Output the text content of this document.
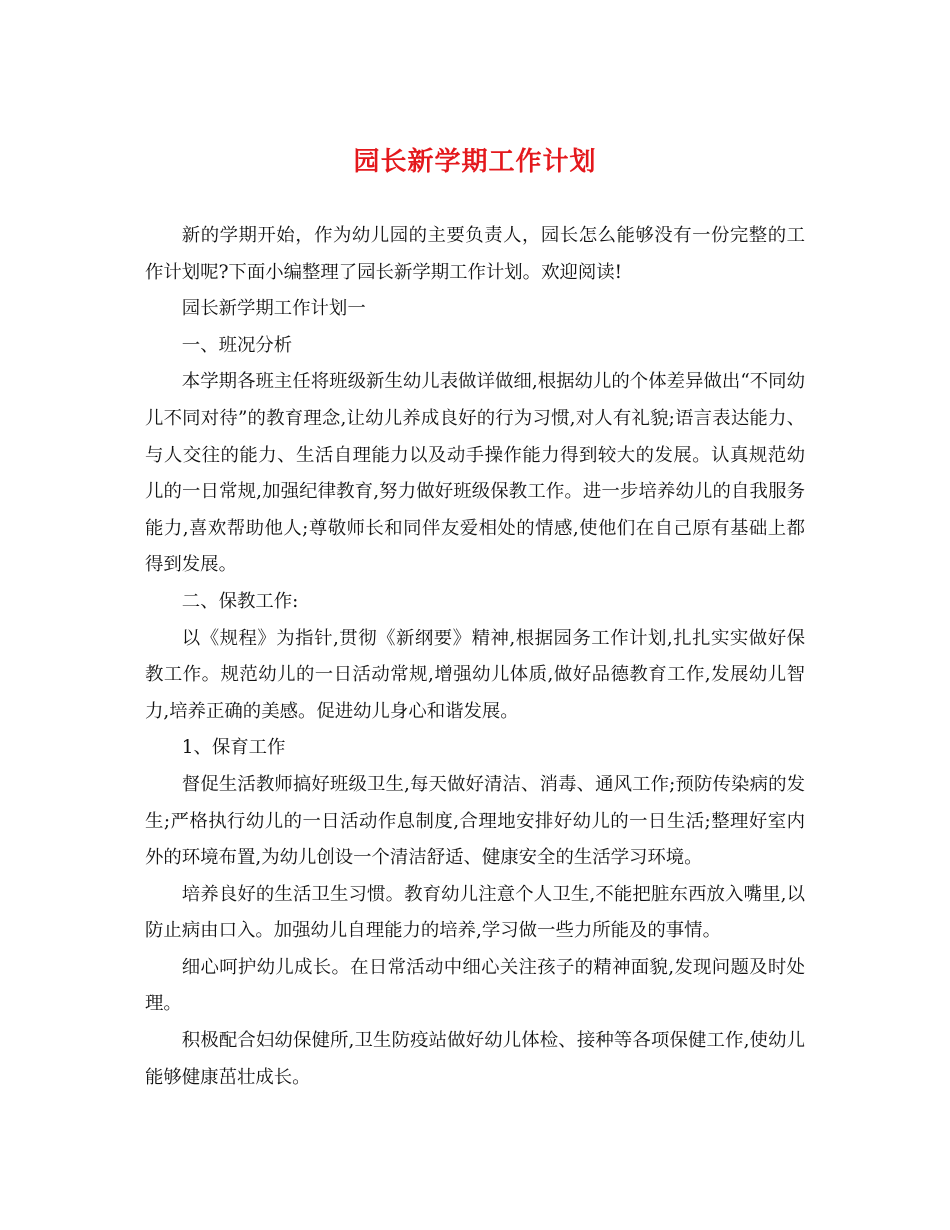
园长新学期工作计划

新的学期开始，作为幼儿园的主要负责人，园长怎么能够没有一份完整的工作计划呢?下面小编整理了园长新学期工作计划。欢迎阅读!

园长新学期工作计划一

一、班况分析

本学期各班主任将班级新生幼儿表做详做细,根据幼儿的个体差异做出“不同幼儿不同对待”的教育理念,让幼儿养成良好的行为习惯,对人有礼貌;语言表达能力、与人交往的能力、生活自理能力以及动手操作能力得到较大的发展。认真规范幼儿的一日常规,加强纪律教育,努力做好班级保教工作。进一步培养幼儿的自我服务能力,喜欢帮助他人;尊敬师长和同伴友爱相处的情感,使他们在自己原有基础上都得到发展。

二、保教工作:

以《规程》为指针,贯彻《新纲要》精神,根据园务工作计划,扎扎实实做好保教工作。规范幼儿的一日活动常规,增强幼儿体质,做好品德教育工作,发展幼儿智力,培养正确的美感。促进幼儿身心和谐发展。

1、保育工作

督促生活教师搞好班级卫生,每天做好清洁、消毒、通风工作;预防传染病的发生;严格执行幼儿的一日活动作息制度,合理地安排好幼儿的一日生活;整理好室内外的环境布置,为幼儿创设一个清洁舒适、健康安全的生活学习环境。

培养良好的生活卫生习惯。教育幼儿注意个人卫生,不能把脏东西放入嘴里,以防止病由口入。加强幼儿自理能力的培养,学习做一些力所能及的事情。

细心呵护幼儿成长。在日常活动中细心关注孩子的精神面貌,发现问题及时处理。

积极配合妇幼保健所,卫生防疫站做好幼儿体检、接种等各项保健工作,使幼儿能够健康茁壮成长。
